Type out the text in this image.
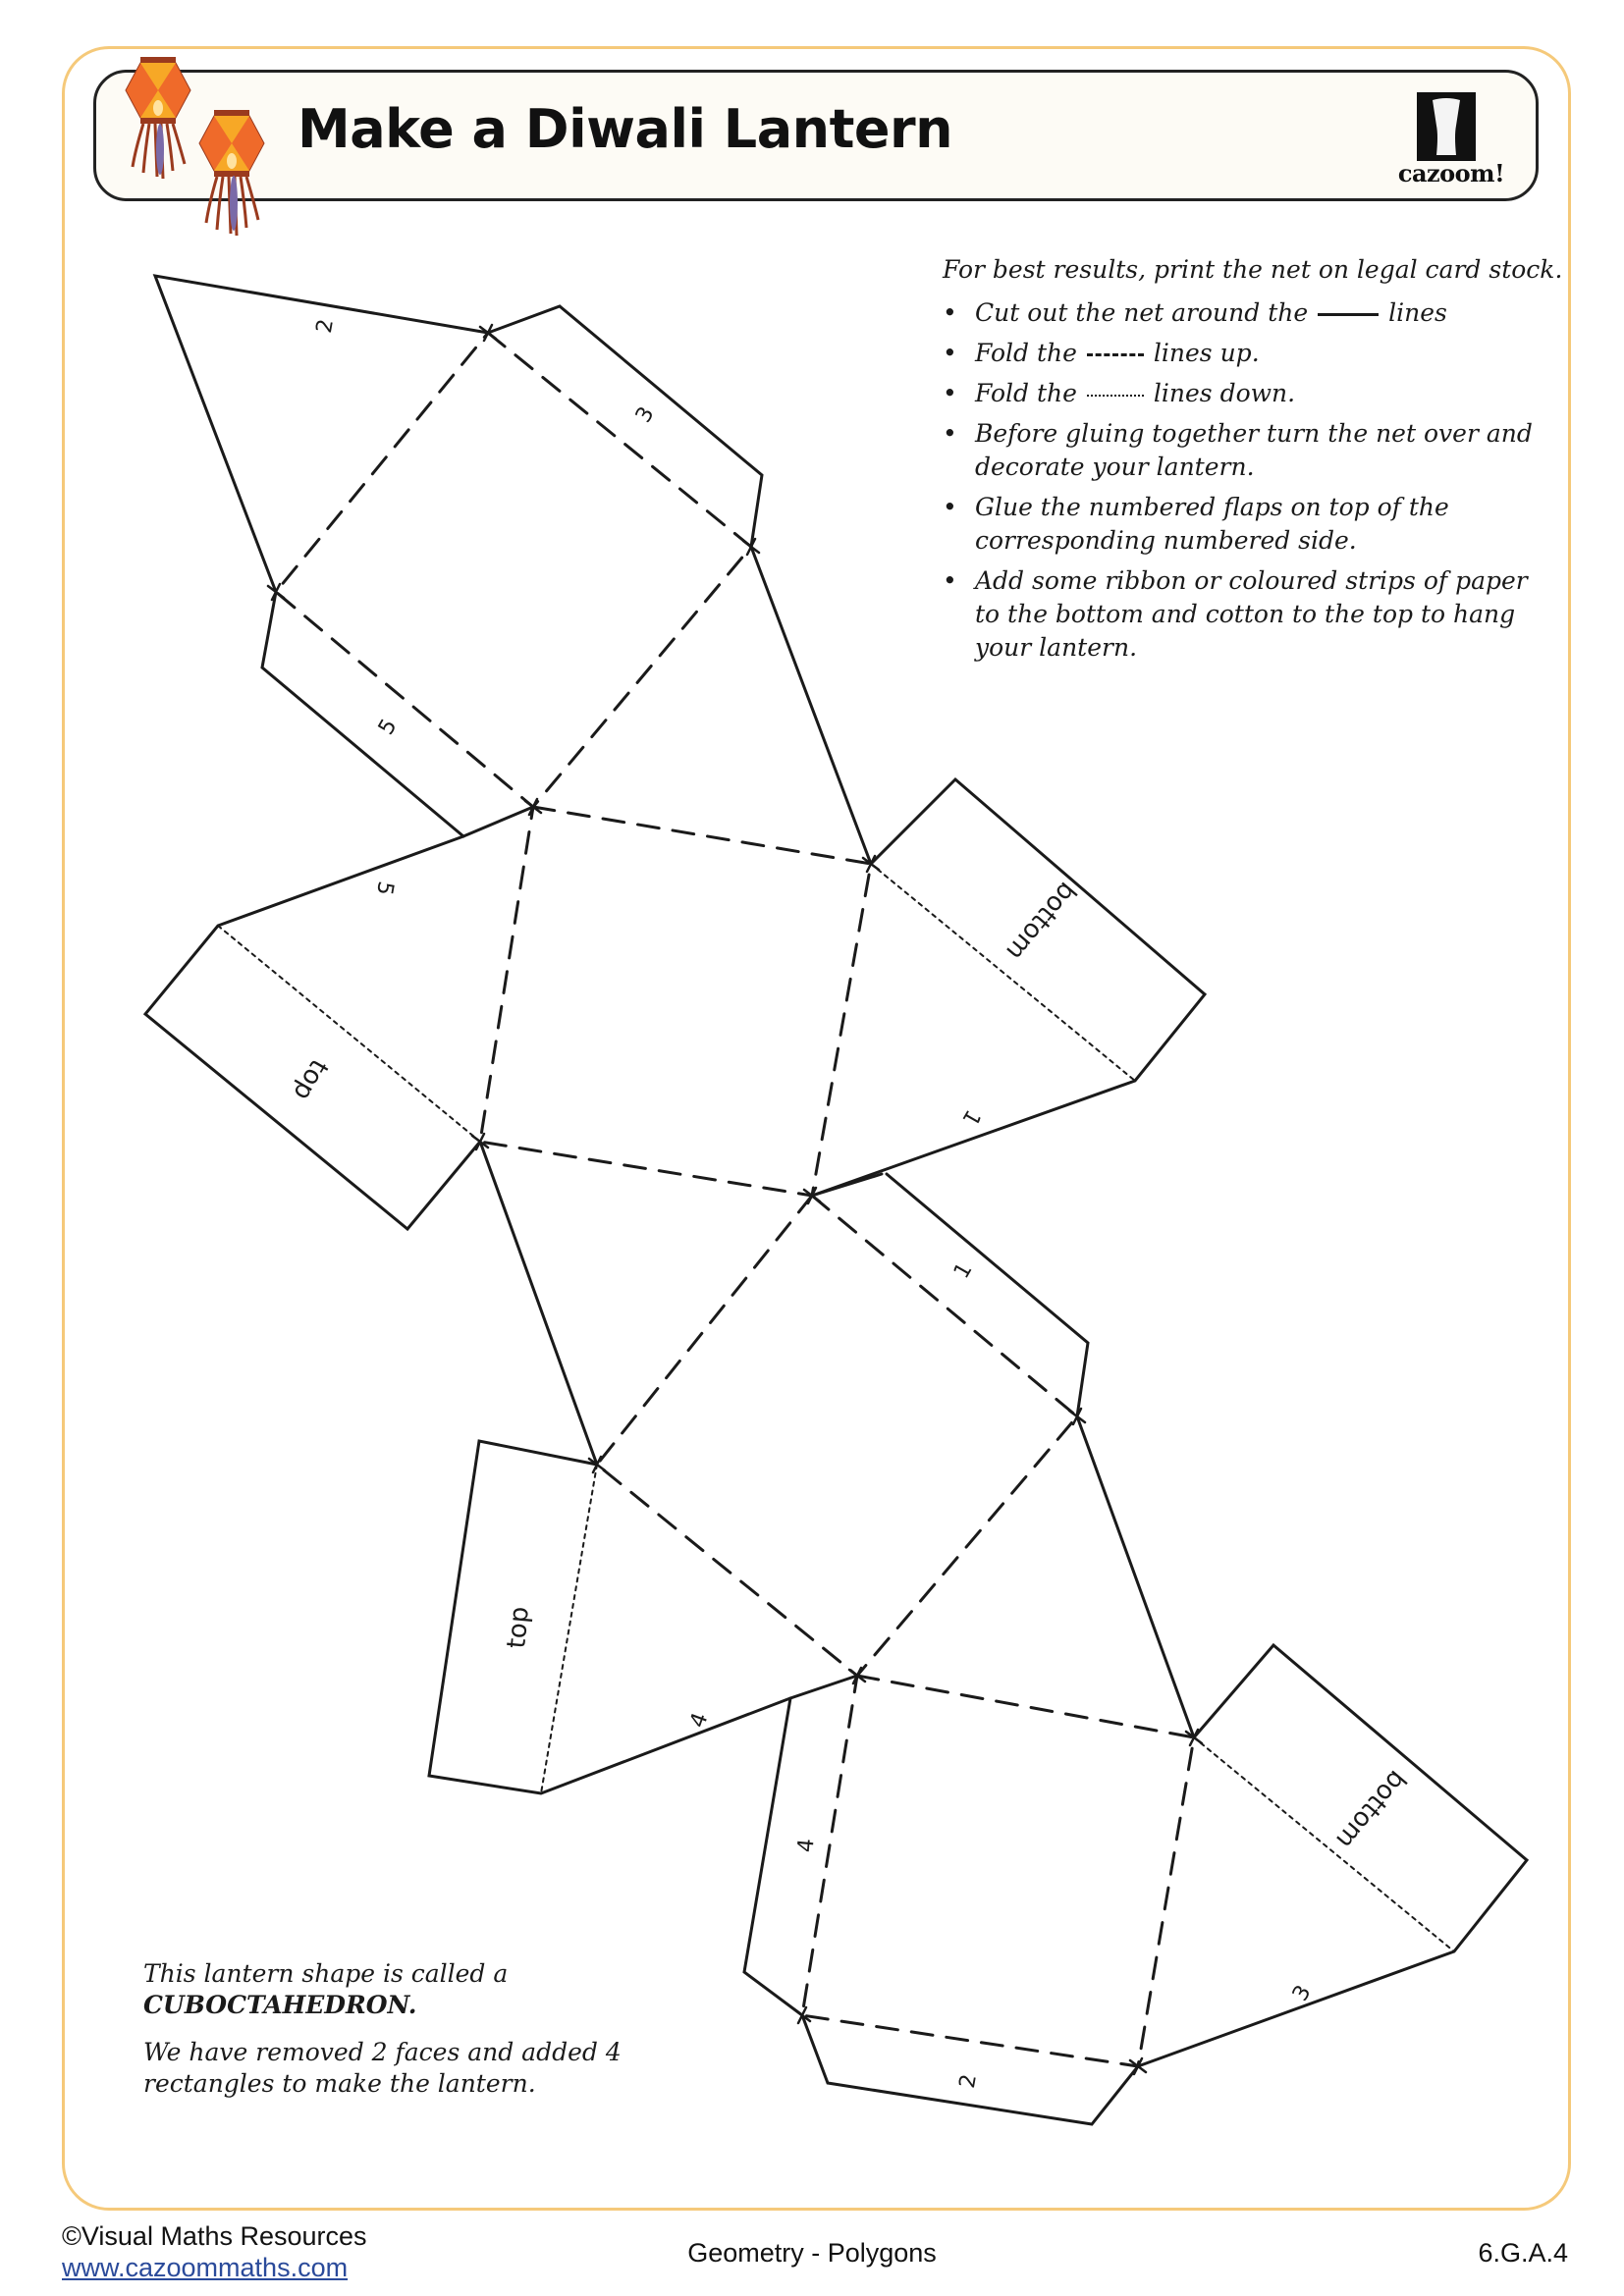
Make a Diwali Lantern
cazoom!

For best results, print the net on legal card stock.

• Cut out the net around the	lines
• Fold the	lines up.
• Fold the	lines down.
• Before gluing together turn the net over and decorate your lantern.
• Glue the numbered flaps on top of the corresponding numbered side.
• Add some ribbon or coloured strips of paper to the bottom and cotton to the top to hang your lantern.
2
3
5
5
1
1
4
4
2
3
top
bottom
top
bottom

This lantern shape is called a
CUBOCTAHEDRON.

We have removed 2 faces and added 4 rectangles to make the lantern.

©Visual Maths Resources
www.cazoommaths.com	Geometry - Polygons	6.G.A.4
